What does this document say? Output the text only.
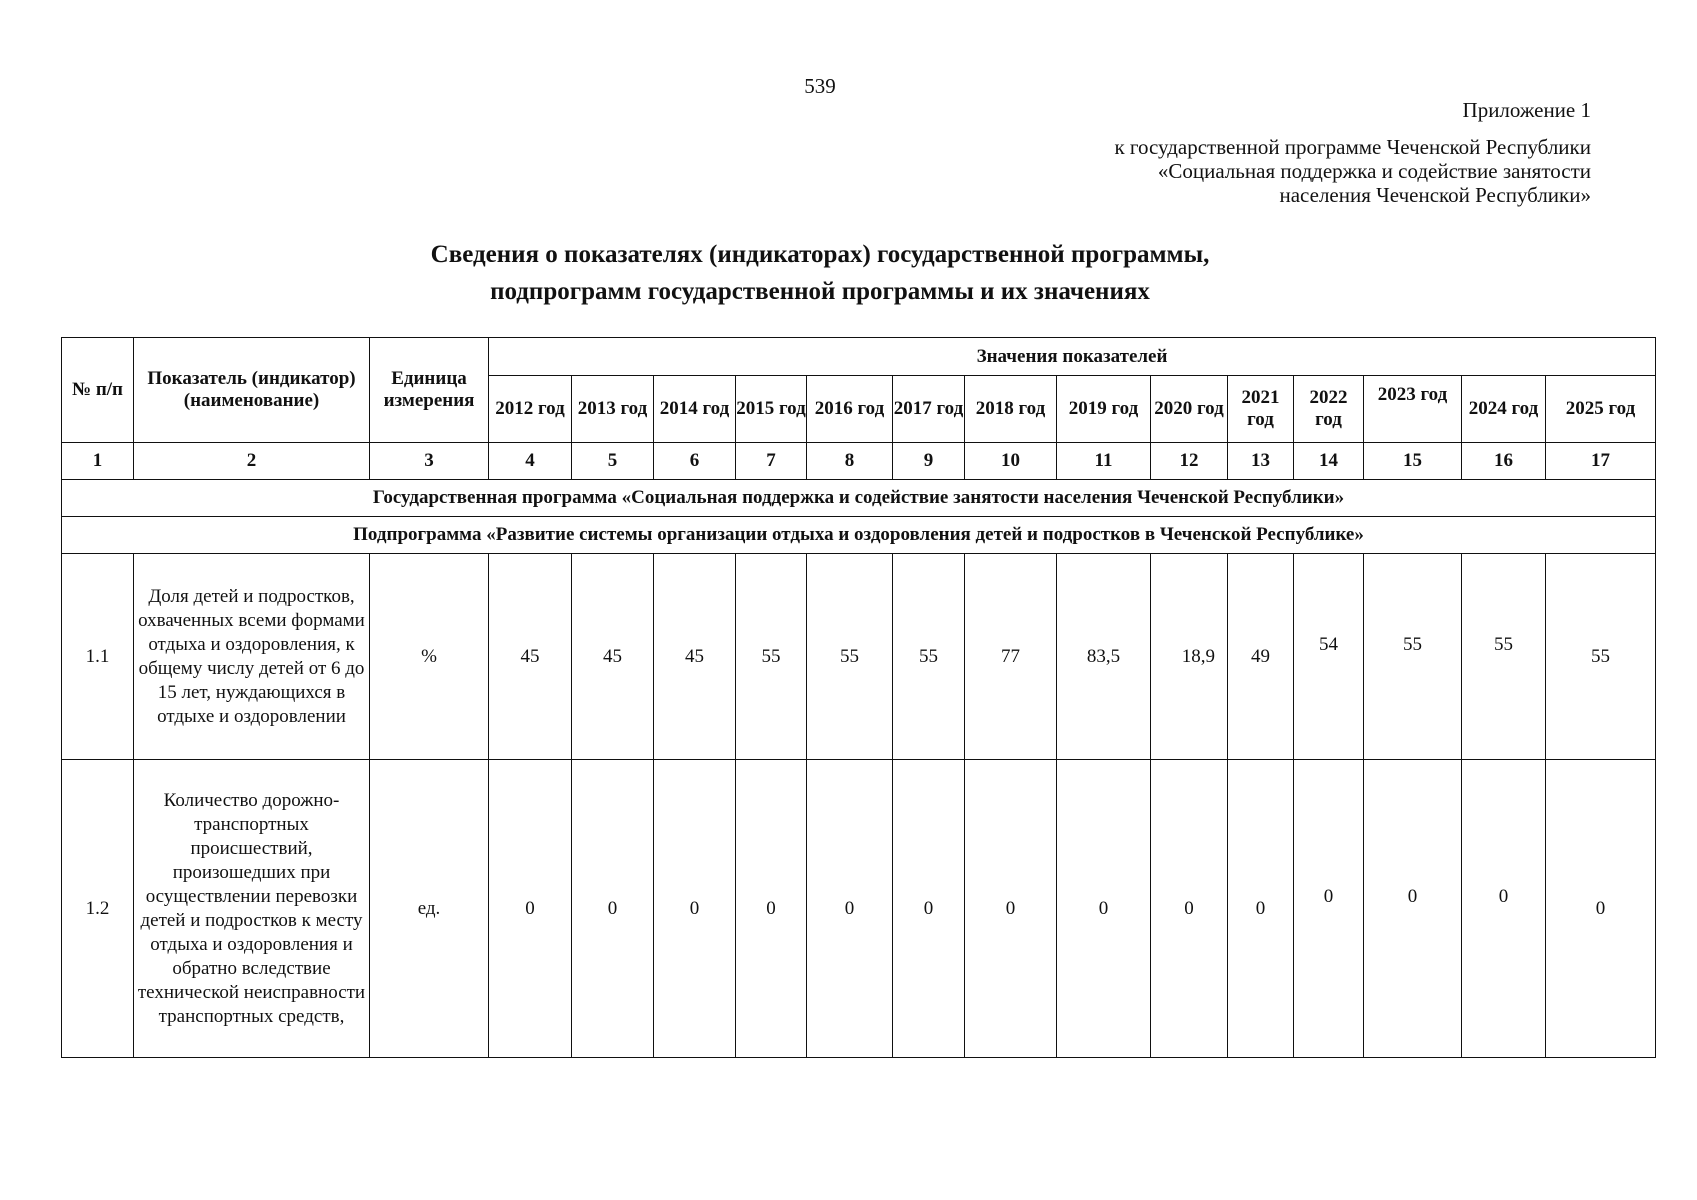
539
Приложение 1
к государственной программе Чеченской Республики
«Социальная поддержка и содействие занятости
населения Чеченской Республики»
Сведения о показателях (индикаторах) государственной программы,
подпрограмм государственной программы и их значениях
№ п/п	Показатель (индикатор) (наименование)	Единица измерения	Значения показателей													
			2012 год	2013 год	2014 год	2015 год	2016 год	2017 год	2018 год	2019 год	2020 год	2021 год	2022 год	2023 год	2024 год	2025 год
1	2	3	4	5	6	7	8	9	10	11	12	13	14	15	16	17
Государственная программа «Социальная поддержка и содействие занятости населения Чеченской Республики»																
Подпрограмма «Развитие системы организации отдыха и оздоровления детей и подростков в Чеченской Республике»																
1.1	Доля детей и подростков, охваченных всеми формами отдыха и оздоровления, к общему числу детей от 6 до 15 лет, нуждающихся в отдыхе и оздоровлении	%	45	45	45	55	55	55	77	83,5	18,9	49	54	55	55	55
1.2	Количество дорожно-транспортных происшествий, произошедших при осуществлении перевозки детей и подростков к месту отдыха и оздоровления и обратно вследствие технической неисправности транспортных средств,	ед.	0	0	0	0	0	0	0	0	0	0	0	0	0	0
